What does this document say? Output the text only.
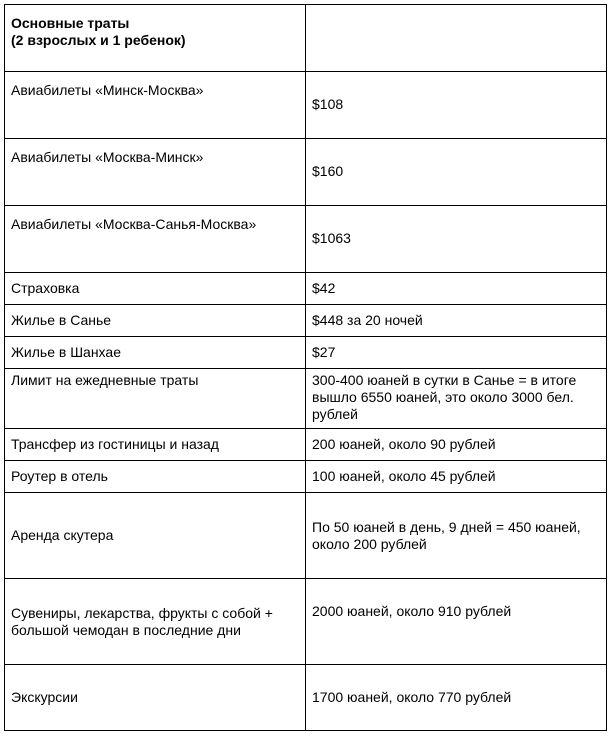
Основные траты
(2 взрослых и 1 ребенок)	

Авиабилеты «Минск-Москва»	$108
Авиабилеты «Москва-Минск»	$160
Авиабилеты «Москва-Санья-Москва»	$1063
Страховка	$42
Жилье в Санье	$448 за 20 ночей
Жилье в Шанхае	$27
Лимит на ежедневные траты	300-400 юаней в сутки в Санье = в итоге
вышло 6550 юаней, это около 3000 бел.
рублей

Трансфер из гостиницы и назад	200 юаней, около 90 рублей
Роутер в отель	100 юаней, около 45 рублей
Аренда скутера	По 50 юаней в день, 9 дней = 450 юаней,
около 200 рублей

Сувениры, лекарства, фрукты с собой +
большой чемодан в последние дни	2000 юаней, около 910 рублей
Экскурсии	1700 юаней, около 770 рублей
